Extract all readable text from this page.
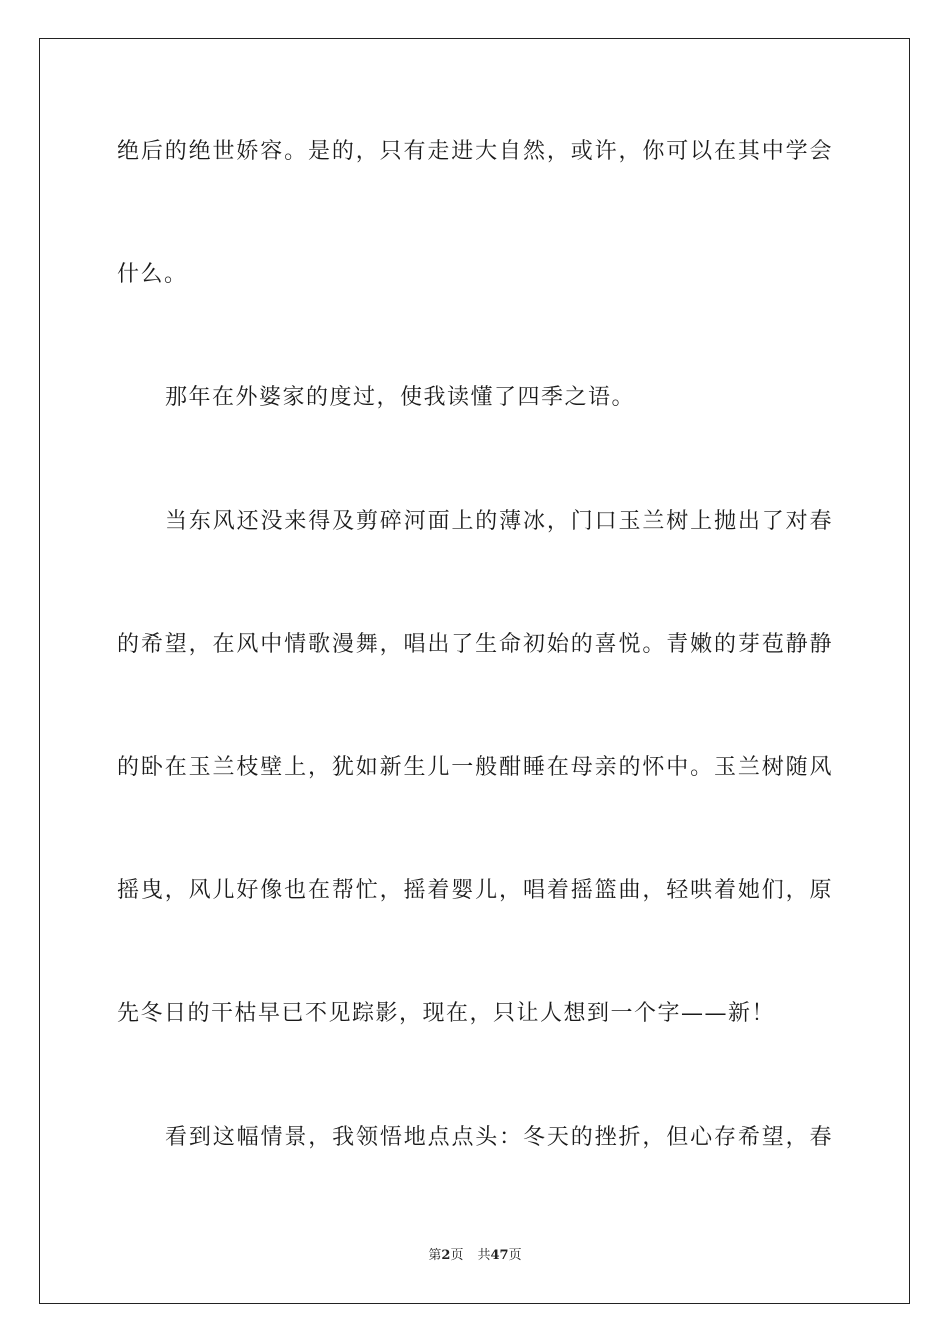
绝后的绝世娇容。是的，只有走进大自然，或许，你可以在其中学会
什么。
那年在外婆家的度过，使我读懂了四季之语。
当东风还没来得及剪碎河面上的薄冰，门口玉兰树上抛出了对春
的希望，在风中情歌漫舞，唱出了生命初始的喜悦。青嫩的芽苞静静
的卧在玉兰枝壁上，犹如新生儿一般酣睡在母亲的怀中。玉兰树随风
摇曳，风儿好像也在帮忙，摇着婴儿，唱着摇篮曲，轻哄着她们，原
先冬日的干枯早已不见踪影，现在，只让人想到一个字——新！
看到这幅情景，我领悟地点点头：冬天的挫折，但心存希望，春
第2页 共47页
